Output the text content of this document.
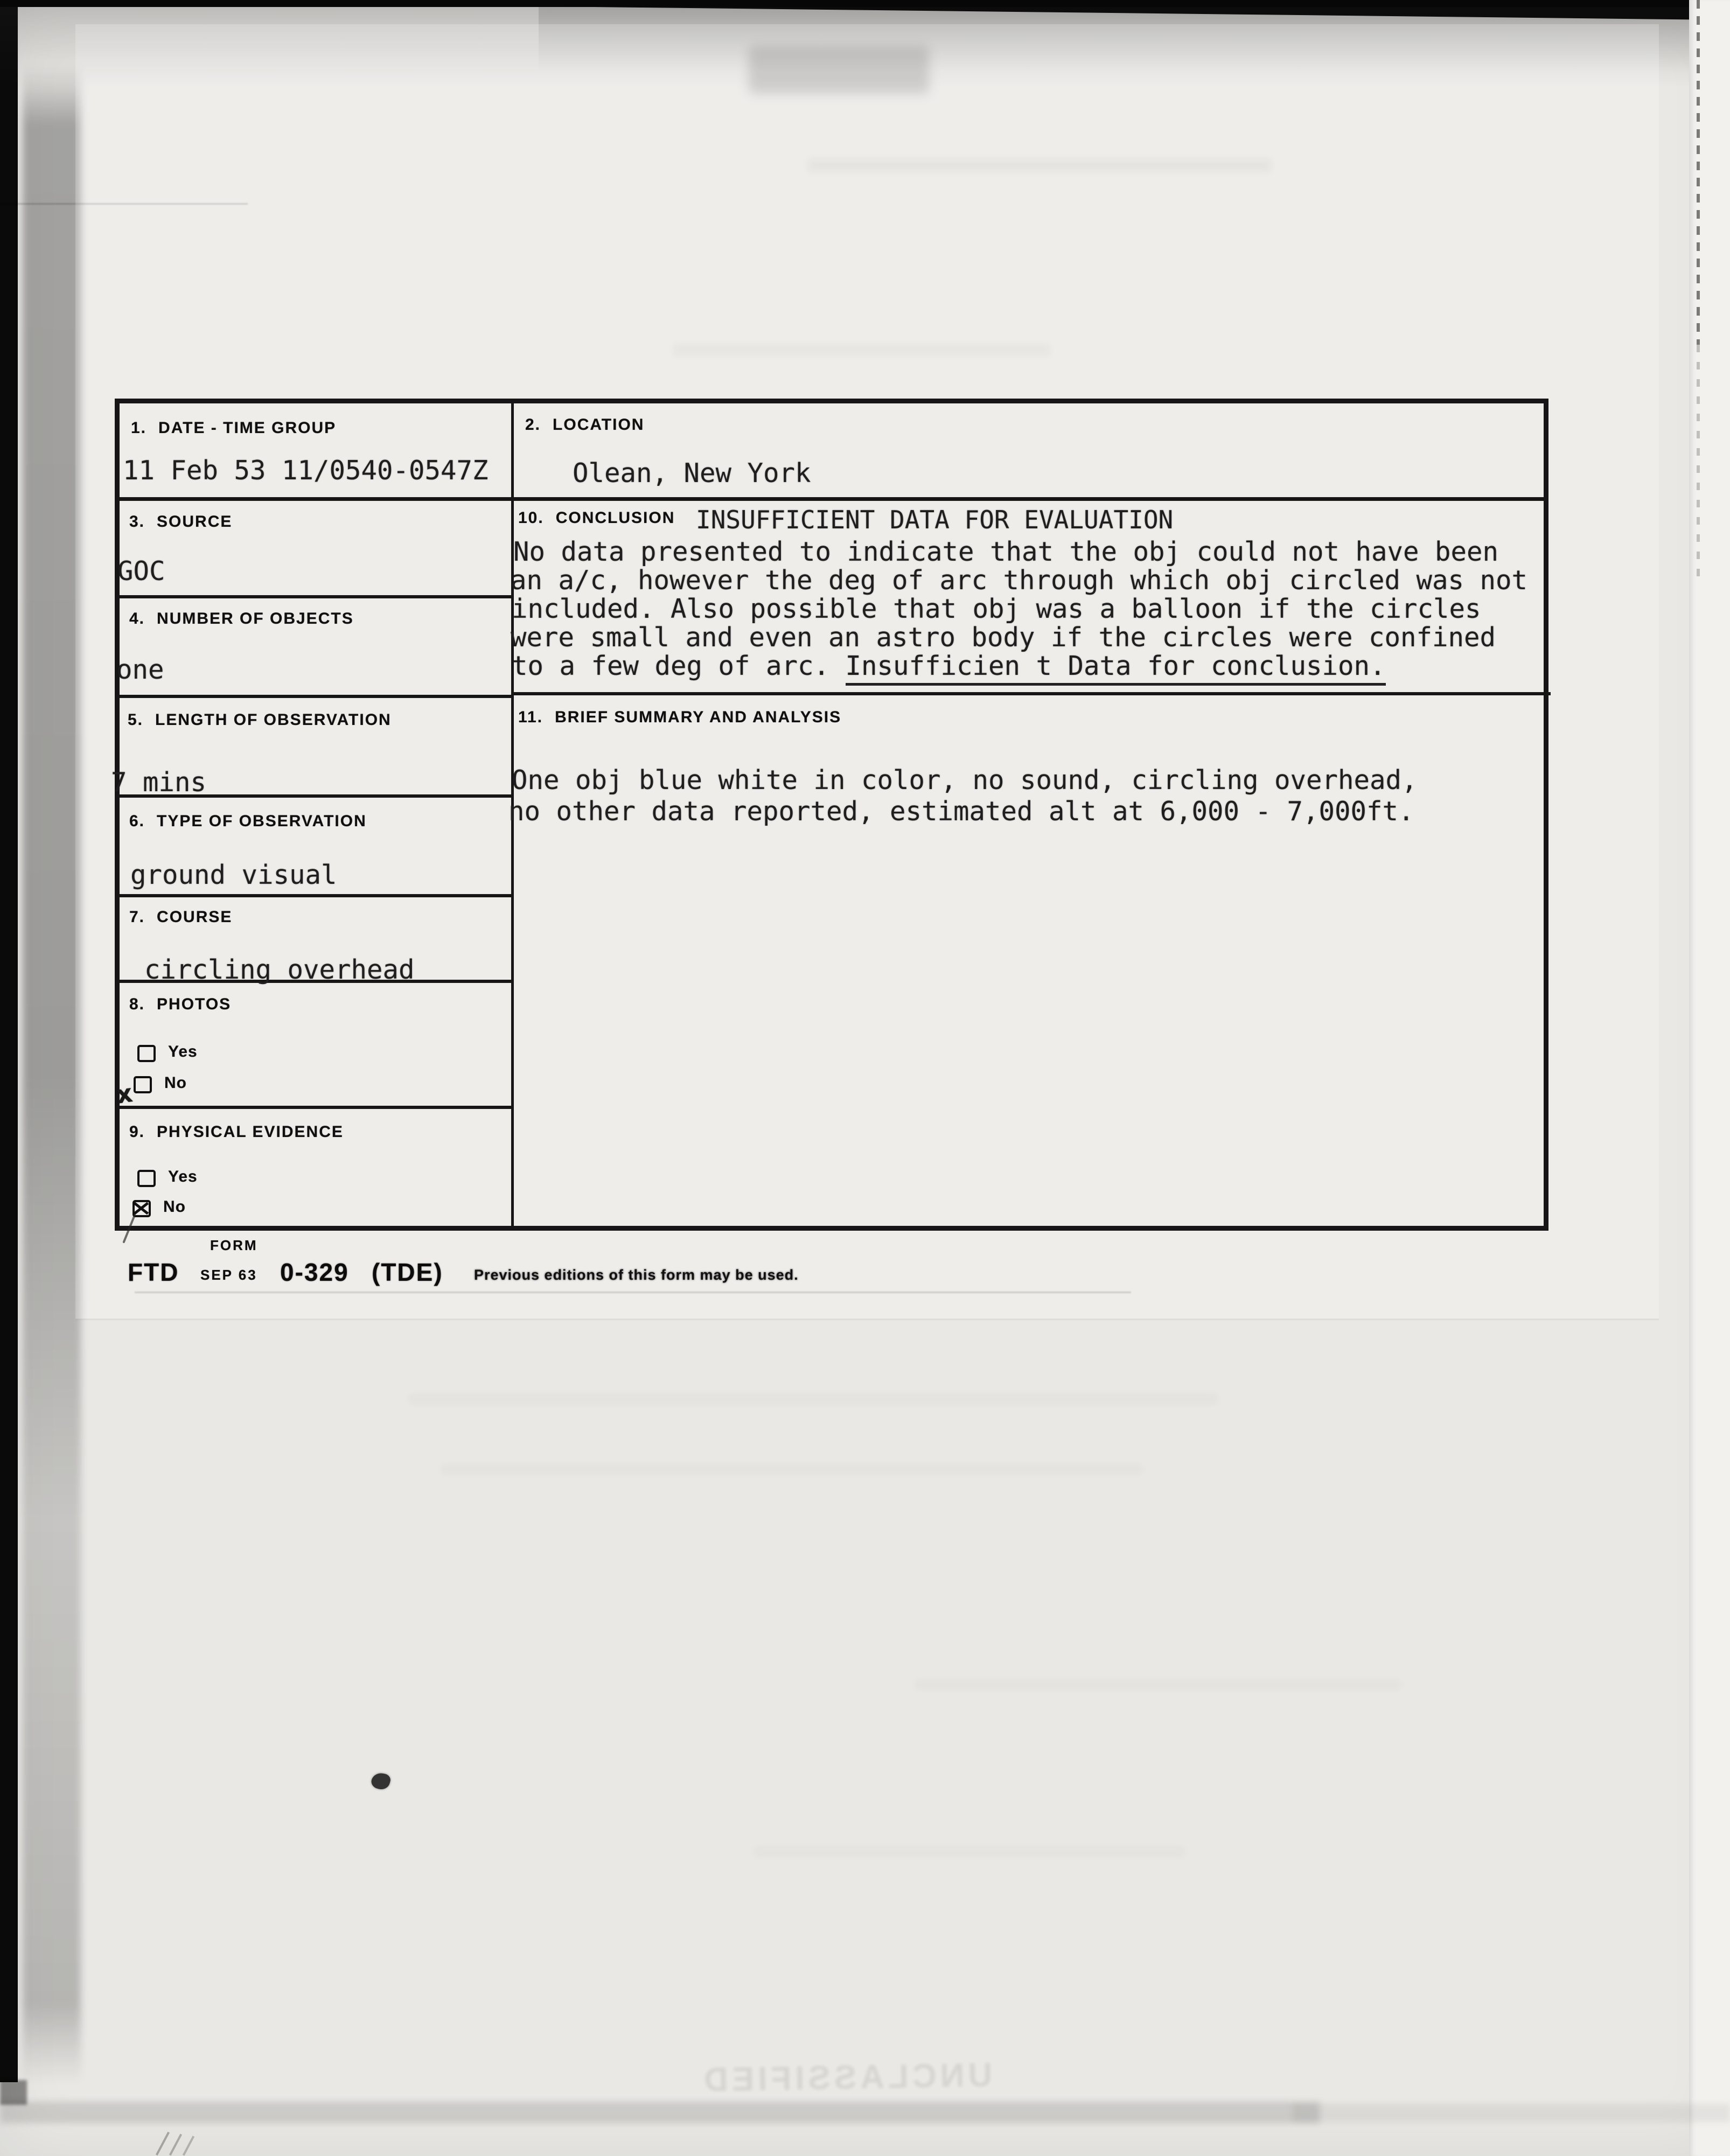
1. DATE - TIME GROUP
11 Feb 53 11/0540-0547Z
2. LOCATION
Olean, New York
3. SOURCE
GOC
4. NUMBER OF OBJECTS
one
5. LENGTH OF OBSERVATION
7 mins
6. TYPE OF OBSERVATION
ground visual
7. COURSE
circling overhead
8. PHOTOS
Yes
No
x
9. PHYSICAL EVIDENCE
Yes
No
10. CONCLUSION INSUFFICIENT DATA FOR EVALUATION
No data presented to indicate that the obj could not have been
an a/c, however the deg of arc through which obj circled was not
included. Also possible that obj was a balloon if the circles
were small and even an astro body if the circles were confined
to a few deg of arc. Insufficien t Data for conclusion.
11. BRIEF SUMMARY AND ANALYSIS
One obj blue white in color, no sound, circling overhead,
no other data reported, estimated alt at 6,000 - 7,000ft.
FORM
FTD SEP 63 0-329 (TDE) Previous editions of this form may be used.
UNCLASSIFIED
